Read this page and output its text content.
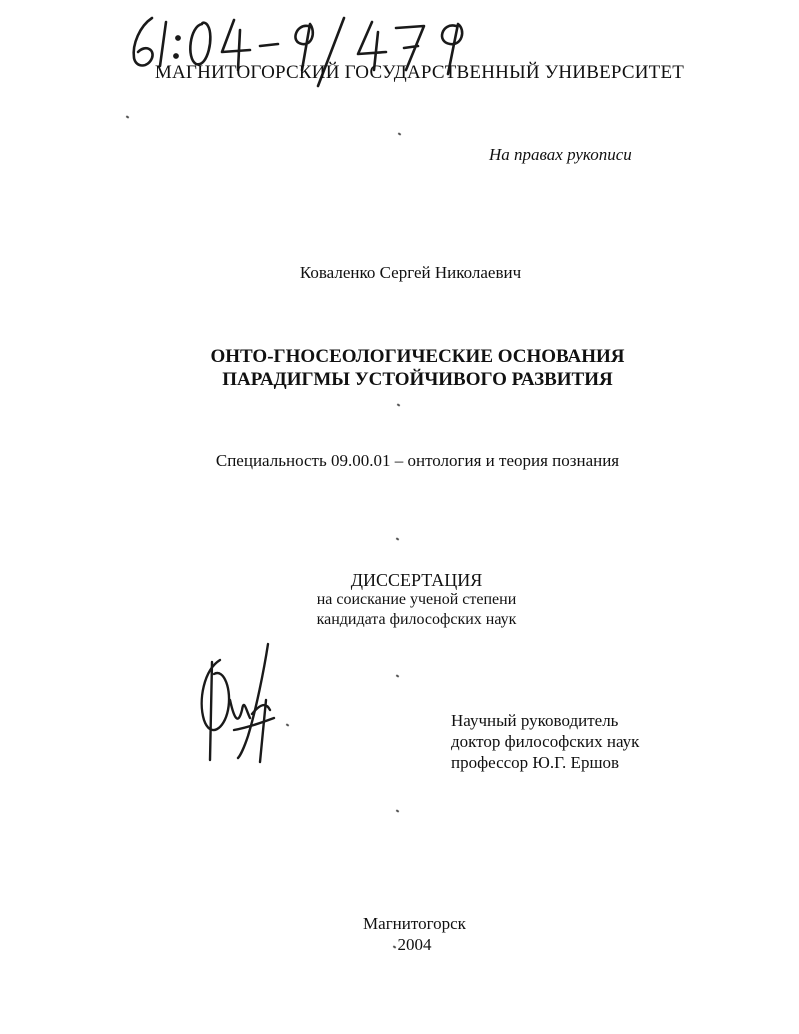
МАГНИТОГОРСКИЙ ГОСУДАРСТВЕННЫЙ УНИВЕРСИТЕТ
На правах рукописи
Коваленко Сергей Николаевич
ОНТО-ГНОСЕОЛОГИЧЕСКИЕ ОСНОВАНИЯ
ПАРАДИГМЫ УСТОЙЧИВОГО РАЗВИТИЯ
Специальность 09.00.01 – онтология и теория познания
ДИССЕРТАЦИЯ
на соискание ученой степени
кандидата философских наук
Научный руководитель
доктор философских наук
профессор Ю.Г. Ершов
Магнитогорск
2004
